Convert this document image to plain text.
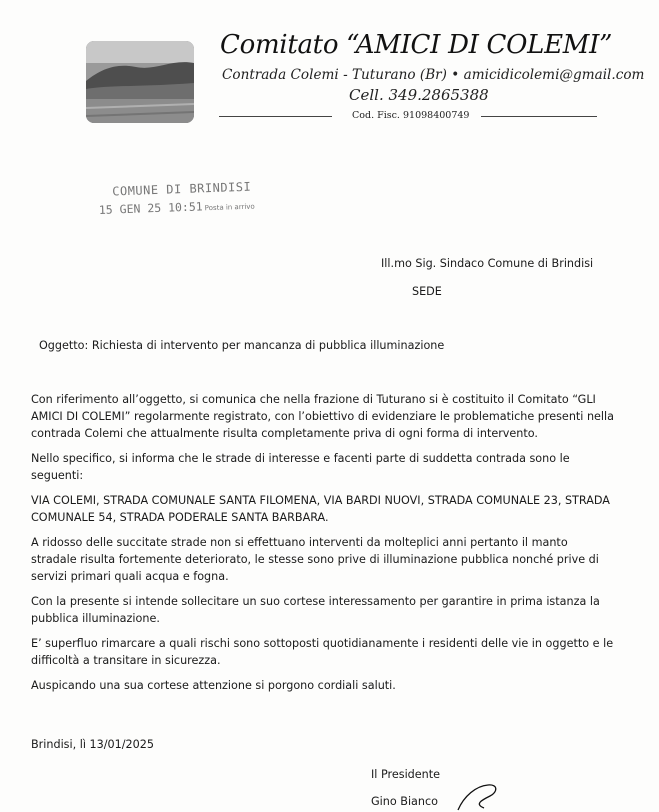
Comitato “AMICI DI COLEMI”
Contrada Colemi - Tuturano (Br) • amicidicolemi@gmail.com
Cell. 349.2865388
Cod. Fisc. 91098400749
COMUNE DI BRINDISI
15 GEN 25 10:51 Posta in arrivo
Ill.mo Sig. Sindaco Comune di Brindisi
SEDE
Oggetto: Richiesta di intervento per mancanza di pubblica illuminazione

Con riferimento all’oggetto, si comunica che nella frazione di Tuturano si è costituito il Comitato “GLI AMICI DI COLEMI” regolarmente registrato, con l’obiettivo di evidenziare le problematiche presenti nella contrada Colemi che attualmente risulta completamente priva di ogni forma di intervento.

Nello specifico, si informa che le strade di interesse e facenti parte di suddetta contrada sono le seguenti:

VIA COLEMI, STRADA COMUNALE SANTA FILOMENA, VIA BARDI NUOVI, STRADA COMUNALE 23, STRADA COMUNALE 54, STRADA PODERALE SANTA BARBARA.

A ridosso delle succitate strade non si effettuano interventi da molteplici anni pertanto il manto stradale risulta fortemente deteriorato, le stesse sono prive di illuminazione pubblica nonché prive di servizi primari quali acqua e fogna.

Con la presente si intende sollecitare un suo cortese interessamento per garantire in prima istanza la pubblica illuminazione.

E’ superfluo rimarcare a quali rischi sono sottoposti quotidianamente i residenti delle vie in oggetto e le difficoltà a transitare in sicurezza.

Auspicando una sua cortese attenzione si porgono cordiali saluti.

Brindisi, lì 13/01/2025
Il Presidente
Gino Bianco
